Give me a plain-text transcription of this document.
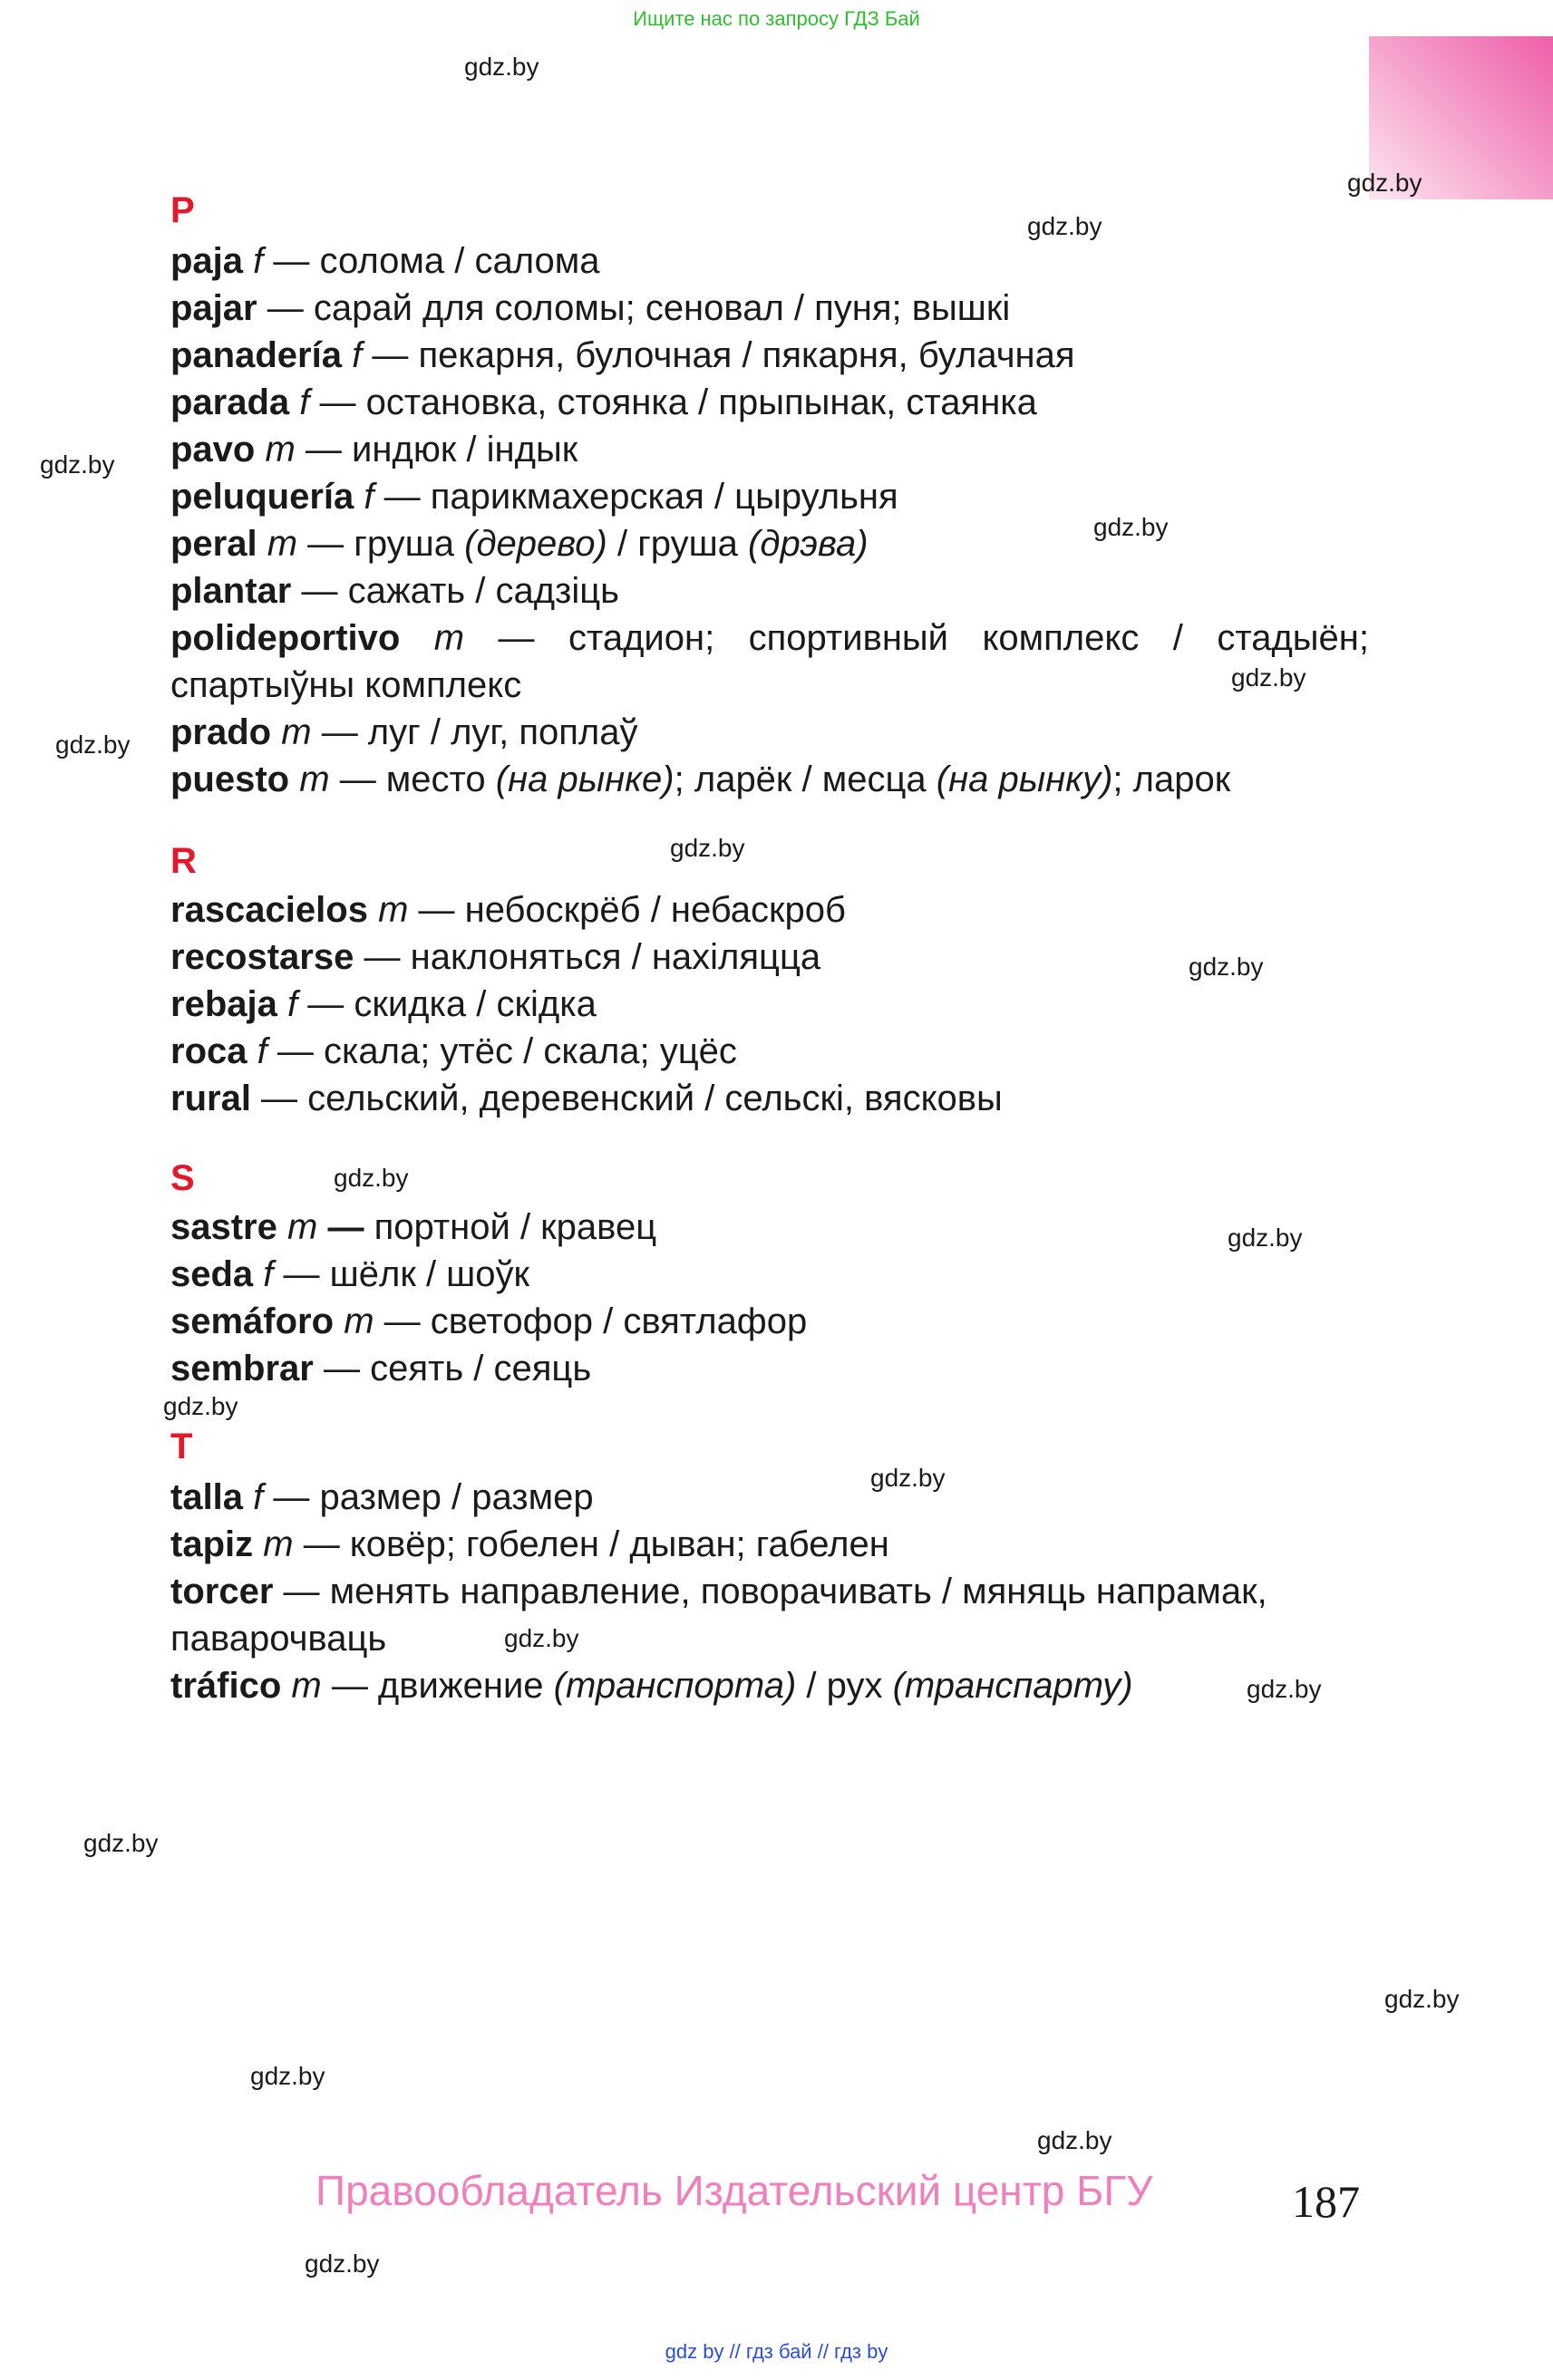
Ищите нас по запросу ГДЗ Бай
gdz.by
gdz.by
gdz.by
gdz.by
gdz.by
gdz.by
gdz.by
gdz.by
gdz.by
gdz.by
gdz.by
gdz.by
gdz.by
gdz.by
gdz.by
gdz.by
gdz.by
gdz.by
gdz.by
gdz.by
P
paja f — солома / салома
pajar — сарай для соломы; сеновал / пуня; вышкі
panadería f — пекарня, булочная / пякарня, булачная
parada f — остановка, стоянка / прыпынак, стаянка
pavo m — индюк / індык
peluquería f — парикмахерская / цырульня
peral m — груша (дерево) / груша (дрэва)
plantar — сажать / садзіць
polideportivo m — стадион; спортивный комплекс / стадыён;
спартыўны комплекс
prado m — луг / луг, поплаў
puesto m — место (на рынке); ларёк / месца (на рынку); ларок
R
rascacielos m — небоскрёб / небаскроб
recostarse — наклоняться / нахіляцца
rebaja f — скидка / скідка
roca f — скала; утёс / скала; уцёс
rural — сельский, деревенский / сельскі, вясковы
S
sastre m — портной / кравец
seda f — шёлк / шоўк
semáforo m — светофор / святлафор
sembrar — сеять / сеяць
T
talla f — размер / размер
tapiz m — ковёр; гобелен / дыван; габелен
torcer — менять направление, поворачивать / мяняць напрамак,
паварочваць
tráfico m — движение (транспорта) / рух (транспарту)
Правообладатель Издательский центр БГУ	187
gdz by // гдз бай // гдз by
